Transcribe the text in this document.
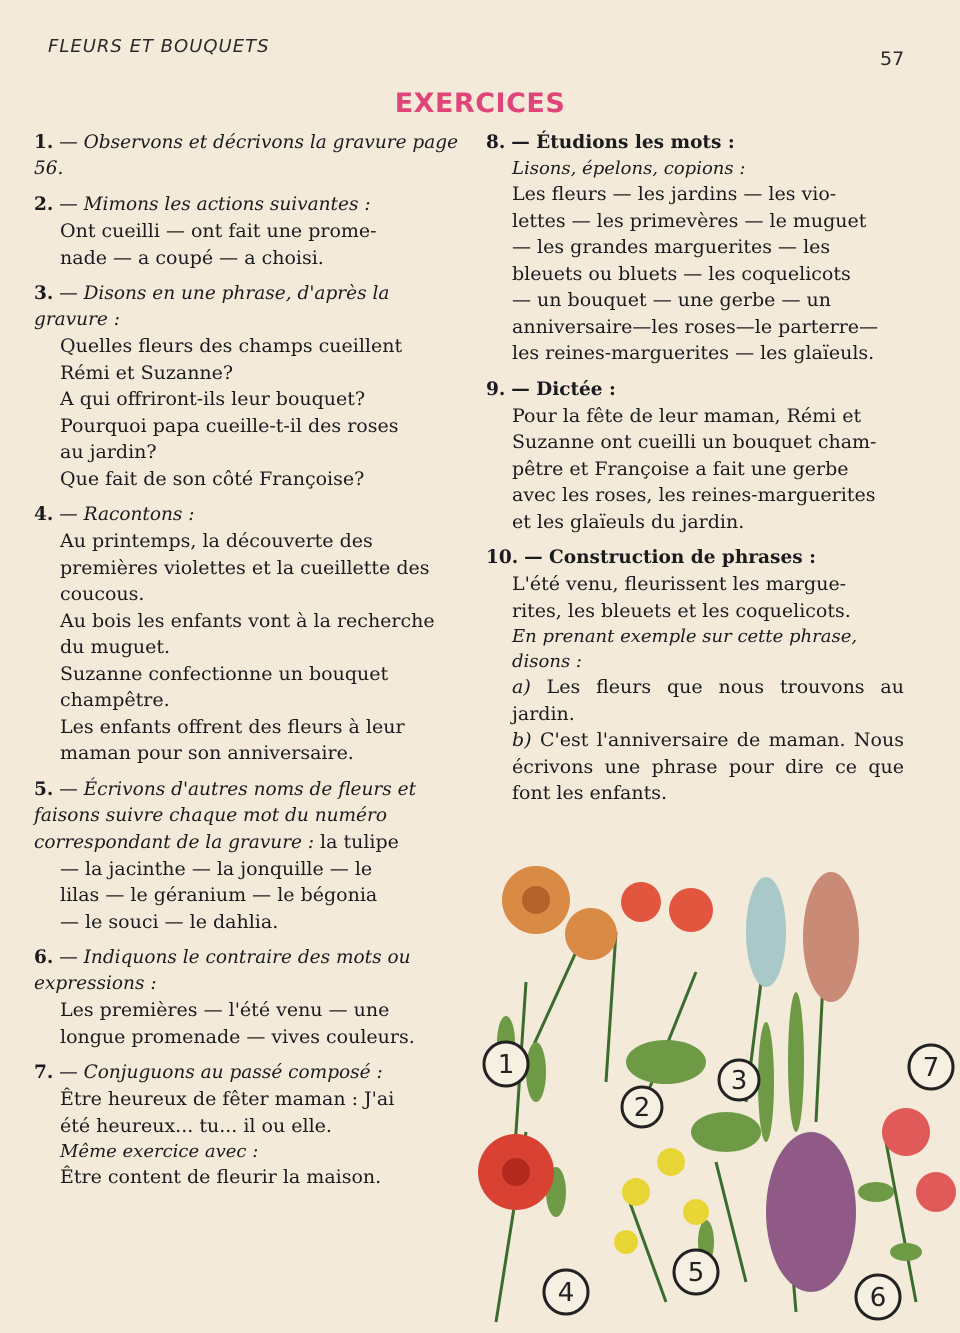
FLEURS ET BOUQUETS
57
EXERCICES
1. — Observons et décrivons la gravure page 56.
2. — Mimons les actions suivantes :
Ont cueilli — ont fait une prome-
nade — a coupé — a choisi.
3. — Disons en une phrase, d'après la gravure :
Quelles fleurs des champs cueillent
Rémi et Suzanne?
A qui offriront-ils leur bouquet?
Pourquoi papa cueille-t-il des roses
au jardin?
Que fait de son côté Françoise?
4. — Racontons :
Au printemps, la découverte des
premières violettes et la cueillette des
coucous.
Au bois les enfants vont à la recherche
du muguet.
Suzanne confectionne un bouquet
champêtre.
Les enfants offrent des fleurs à leur
maman pour son anniversaire.
5. — Écrivons d'autres noms de fleurs et faisons suivre chaque mot du numéro correspondant de la gravure : la tulipe
— la jacinthe — la jonquille — le
lilas — le géranium — le bégonia
— le souci — le dahlia.
6. — Indiquons le contraire des mots ou expressions :
Les premières — l'été venu — une
longue promenade — vives couleurs.
7. — Conjuguons au passé composé :
Être heureux de fêter maman : J'ai
été heureux... tu... il ou elle.
Même exercice avec :
Être content de fleurir la maison.
8. — Étudions les mots :
Lisons, épelons, copions :
Les fleurs — les jardins — les vio-
lettes — les primevères — le muguet
— les grandes marguerites — les
bleuets ou bluets — les coquelicots
— un bouquet — une gerbe — un
anniversaire—les roses—le parterre—
les reines-marguerites — les glaïeuls.
9. — Dictée :
Pour la fête de leur maman, Rémi et
Suzanne ont cueilli un bouquet cham-
pêtre et Françoise a fait une gerbe
avec les roses, les reines-marguerites
et les glaïeuls du jardin.
10. — Construction de phrases :
L'été venu, fleurissent les margue-
rites, les bleuets et les coquelicots.
En prenant exemple sur cette phrase, disons :
a) Les fleurs que nous trouvons au jardin.
b) C'est l'anniversaire de maman. Nous écrivons une phrase pour dire ce que font les enfants.
1
2
3
4
5
6
7
